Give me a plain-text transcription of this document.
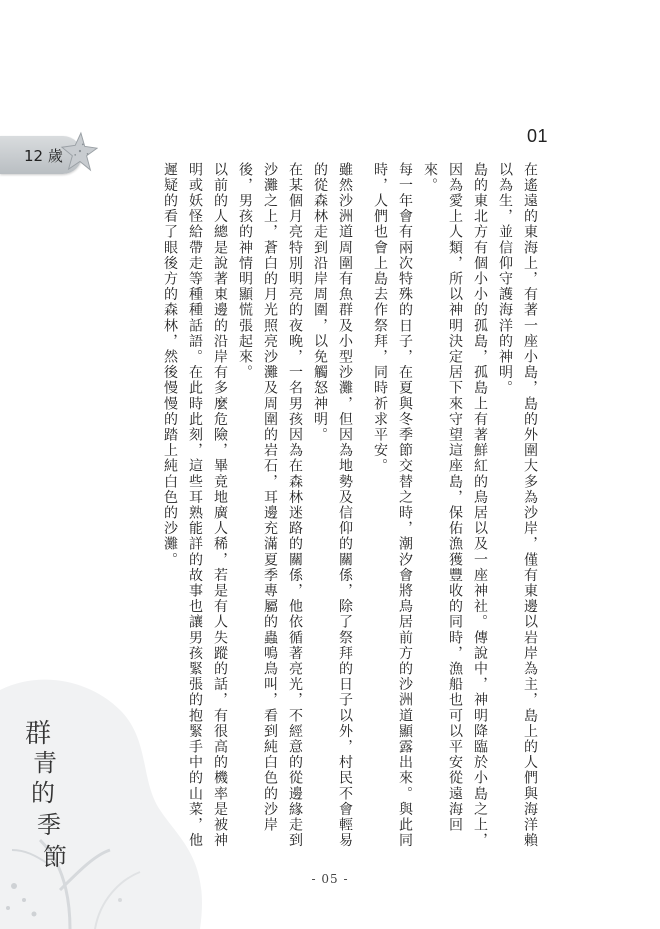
01
12 歲

在遙遠的東海上，有著一座小島，島的外圍大多為沙岸，僅有東邊以岩岸為主，島上的人們與海洋賴以為生，並信仰守護海洋的神明。

島的東北方有個小小的孤島，孤島上有著鮮紅的鳥居以及一座神社。傳說中，神明降臨於小島之上，因為愛上人類，所以神明決定居下來守望這座島，保佑漁獲豐收的同時，漁船也可以平安從遠海回來。

每一年會有兩次特殊的日子，在夏與冬季節交替之時，潮汐會將鳥居前方的沙洲道顯露出來。與此同時，人們也會上島去作祭拜，同時祈求平安。

雖然沙洲道周圍有魚群及小型沙灘，但因為地勢及信仰的關係，除了祭拜的日子以外，村民不會輕易的從森林走到沿岸周圍，以免觸怒神明。

在某個月亮特別明亮的夜晚，一名男孩因為在森林迷路的關係，他依循著亮光，不經意的從邊緣走到沙灘之上，蒼白的月光照亮沙灘及周圍的岩石，耳邊充滿夏季專屬的蟲鳴鳥叫，看到純白色的沙岸後，男孩的神情明顯慌張起來。

以前的人總是說著東邊的沿岸有多麼危險，畢竟地廣人稀，若是有人失蹤的話，有很高的機率是被神明或妖怪給帶走等種種話語。在此時此刻，這些耳熟能詳的故事也讓男孩緊張的抱緊手中的山菜，他遲疑的看了眼後方的森林，然後慢慢的踏上純白色的沙灘。

群
青
的
季
節
- 05 -
